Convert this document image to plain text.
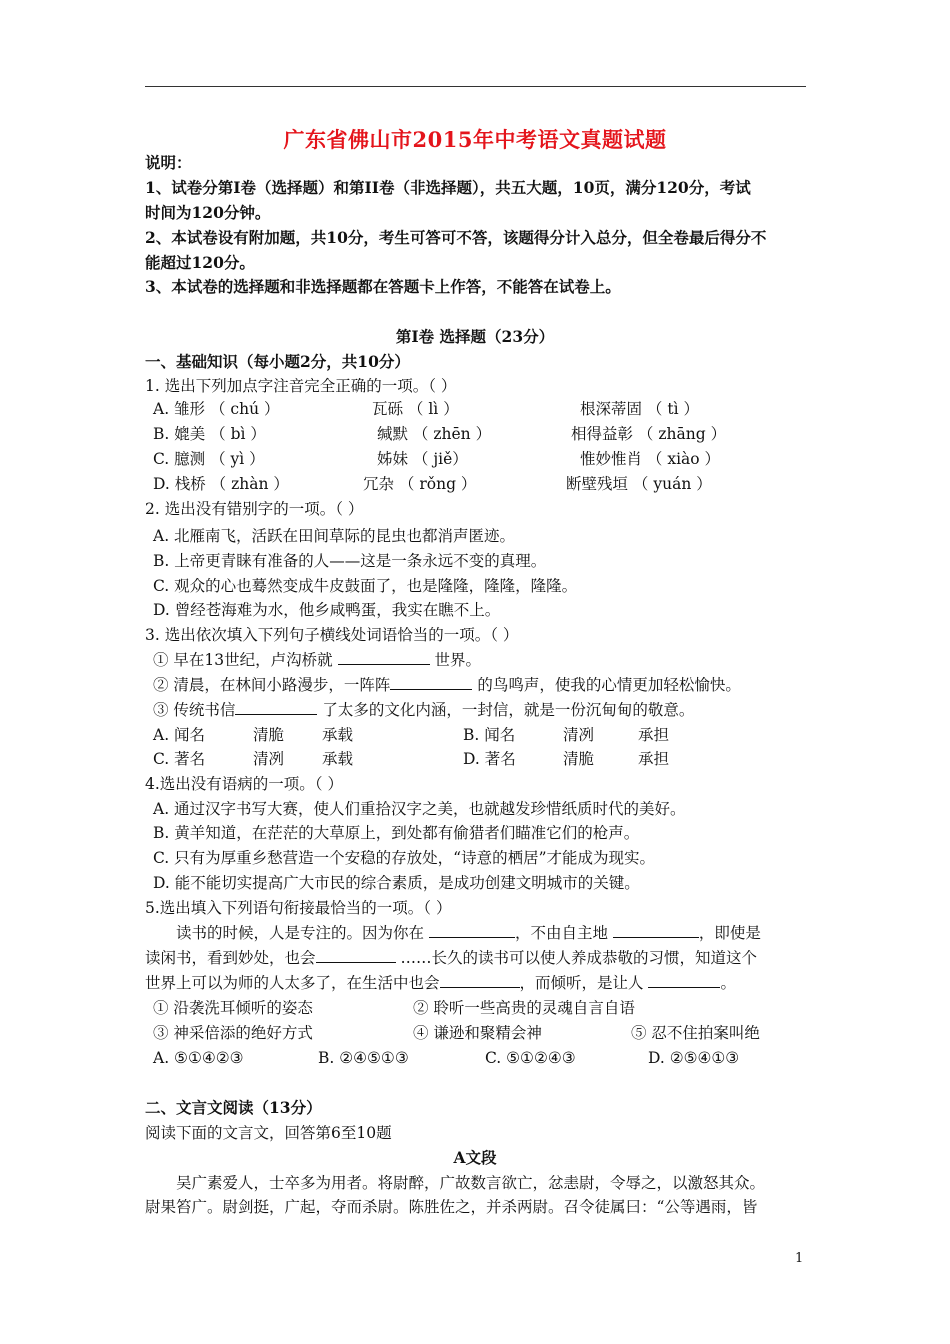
广东省佛山市2015年中考语文真题试题
说明：
1、试卷分第Ⅰ卷（选择题）和第II卷（非选择题），共五大题，10页，满分120分，考试
时间为120分钟。
2、本试卷设有附加题，共10分，考生可答可不答，该题得分计入总分，但全卷最后得分不
能超过120分。
3、本试卷的选择题和非选择题都在答题卡上作答，不能答在试卷上。
第Ⅰ卷 选择题（23分）
一、基础知识（每小题2分，共10分）
1. 选出下列加点字注音完全正确的一项。（ ）
A. 雏形 （ chú ）	瓦砾 （ lì ）	根深蒂固 （ tì ）
B. 媲美 （ bì ）	缄默 （ zhēn ）	相得益彰 （ zhāng ）
C. 臆测 （ yì ）	姊妹 （ jiě）	惟妙惟肖 （ xiào ）
D. 栈桥 （ zhàn ）	冗杂 （ rǒng ）	断壁残垣 （ yuán ）
2. 选出没有错别字的一项。（ ）
A. 北雁南飞，活跃在田间草际的昆虫也都消声匿迹。
B. 上帝更青睐有准备的人——这是一条永远不变的真理。
C. 观众的心也蓦然变成牛皮鼓面了，也是隆隆，隆隆，隆隆。
D. 曾经苍海难为水，他乡咸鸭蛋，我实在瞧不上。
3. 选出依次填入下列句子横线处词语恰当的一项。（ ）
① 早在13世纪，卢沟桥就	世界。
② 清晨，在林间小路漫步，一阵阵	的鸟鸣声，使我的心情更加轻松愉快。
③ 传统书信	了太多的文化内涵，一封信，就是一份沉甸甸的敬意。
A. 闻名	清脆 承载	B. 闻名	清冽	承担
C. 著名	清冽 承载	D. 著名	清脆	承担
4.选出没有语病的一项。（ ）
A. 通过汉字书写大赛，使人们重拾汉字之美，也就越发珍惜纸质时代的美好。
B. 黄羊知道，在茫茫的大草原上，到处都有偷猎者们瞄准它们的枪声。
C. 只有为厚重乡愁营造一个安稳的存放处，“诗意的栖居”才能成为现实。
D. 能不能切实提高广大市民的综合素质，是成功创建文明城市的关键。
5.选出填入下列语句衔接最恰当的一项。（ ）
读书的时候，人是专注的。因为你在	，不由自主地	，即使是
读闲书，看到妙处，也会	……长久的读书可以使人养成恭敬的习惯，知道这个
世界上可以为师的人太多了，在生活中也会	，而倾听，是让人	。
① 沿袭洗耳倾听的姿态	② 聆听一些高贵的灵魂自言自语
③ 神采倍添的绝好方式	④ 谦逊和聚精会神	⑤ 忍不住拍案叫绝
A. ⑤①④②③	B. ②④⑤①③	C. ⑤①②④③	D. ②⑤④①③
二、文言文阅读（13分）
阅读下面的文言文，回答第6至10题
A文段
吴广素爱人，士卒多为用者。将尉醉，广故数言欲亡，忿恚尉，令辱之，以激怒其众。
尉果笞广。尉剑挺，广起，夺而杀尉。陈胜佐之，并杀两尉。召令徒属曰：“公等遇雨，皆
1
